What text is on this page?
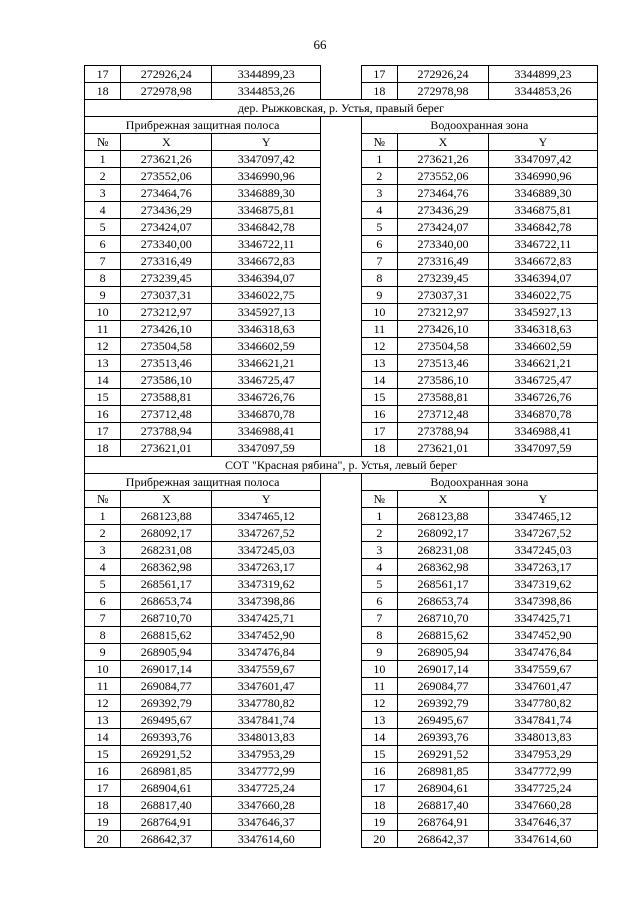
66
17	272926,24	3344899,23		17	272926,24	3344899,23
18	272978,98	3344853,26		18	272978,98	3344853,26
дер. Рыжковская, р. Устья, правый берег						
Прибрежная защитная полоса				Водоохранная зона		
№	X	Y		№	X	Y
1	273621,26	3347097,42		1	273621,26	3347097,42
2	273552,06	3346990,96		2	273552,06	3346990,96
3	273464,76	3346889,30		3	273464,76	3346889,30
4	273436,29	3346875,81		4	273436,29	3346875,81
5	273424,07	3346842,78		5	273424,07	3346842,78
6	273340,00	3346722,11		6	273340,00	3346722,11
7	273316,49	3346672,83		7	273316,49	3346672,83
8	273239,45	3346394,07		8	273239,45	3346394,07
9	273037,31	3346022,75		9	273037,31	3346022,75
10	273212,97	3345927,13		10	273212,97	3345927,13
11	273426,10	3346318,63		11	273426,10	3346318,63
12	273504,58	3346602,59		12	273504,58	3346602,59
13	273513,46	3346621,21		13	273513,46	3346621,21
14	273586,10	3346725,47		14	273586,10	3346725,47
15	273588,81	3346726,76		15	273588,81	3346726,76
16	273712,48	3346870,78		16	273712,48	3346870,78
17	273788,94	3346988,41		17	273788,94	3346988,41
18	273621,01	3347097,59		18	273621,01	3347097,59
СОТ "Красная рябина", р. Устья, левый берег						
Прибрежная защитная полоса				Водоохранная зона		
№	X	Y		№	X	Y
1	268123,88	3347465,12		1	268123,88	3347465,12
2	268092,17	3347267,52		2	268092,17	3347267,52
3	268231,08	3347245,03		3	268231,08	3347245,03
4	268362,98	3347263,17		4	268362,98	3347263,17
5	268561,17	3347319,62		5	268561,17	3347319,62
6	268653,74	3347398,86		6	268653,74	3347398,86
7	268710,70	3347425,71		7	268710,70	3347425,71
8	268815,62	3347452,90		8	268815,62	3347452,90
9	268905,94	3347476,84		9	268905,94	3347476,84
10	269017,14	3347559,67		10	269017,14	3347559,67
11	269084,77	3347601,47		11	269084,77	3347601,47
12	269392,79	3347780,82		12	269392,79	3347780,82
13	269495,67	3347841,74		13	269495,67	3347841,74
14	269393,76	3348013,83		14	269393,76	3348013,83
15	269291,52	3347953,29		15	269291,52	3347953,29
16	268981,85	3347772,99		16	268981,85	3347772,99
17	268904,61	3347725,24		17	268904,61	3347725,24
18	268817,40	3347660,28		18	268817,40	3347660,28
19	268764,91	3347646,37		19	268764,91	3347646,37
20	268642,37	3347614,60		20	268642,37	3347614,60
